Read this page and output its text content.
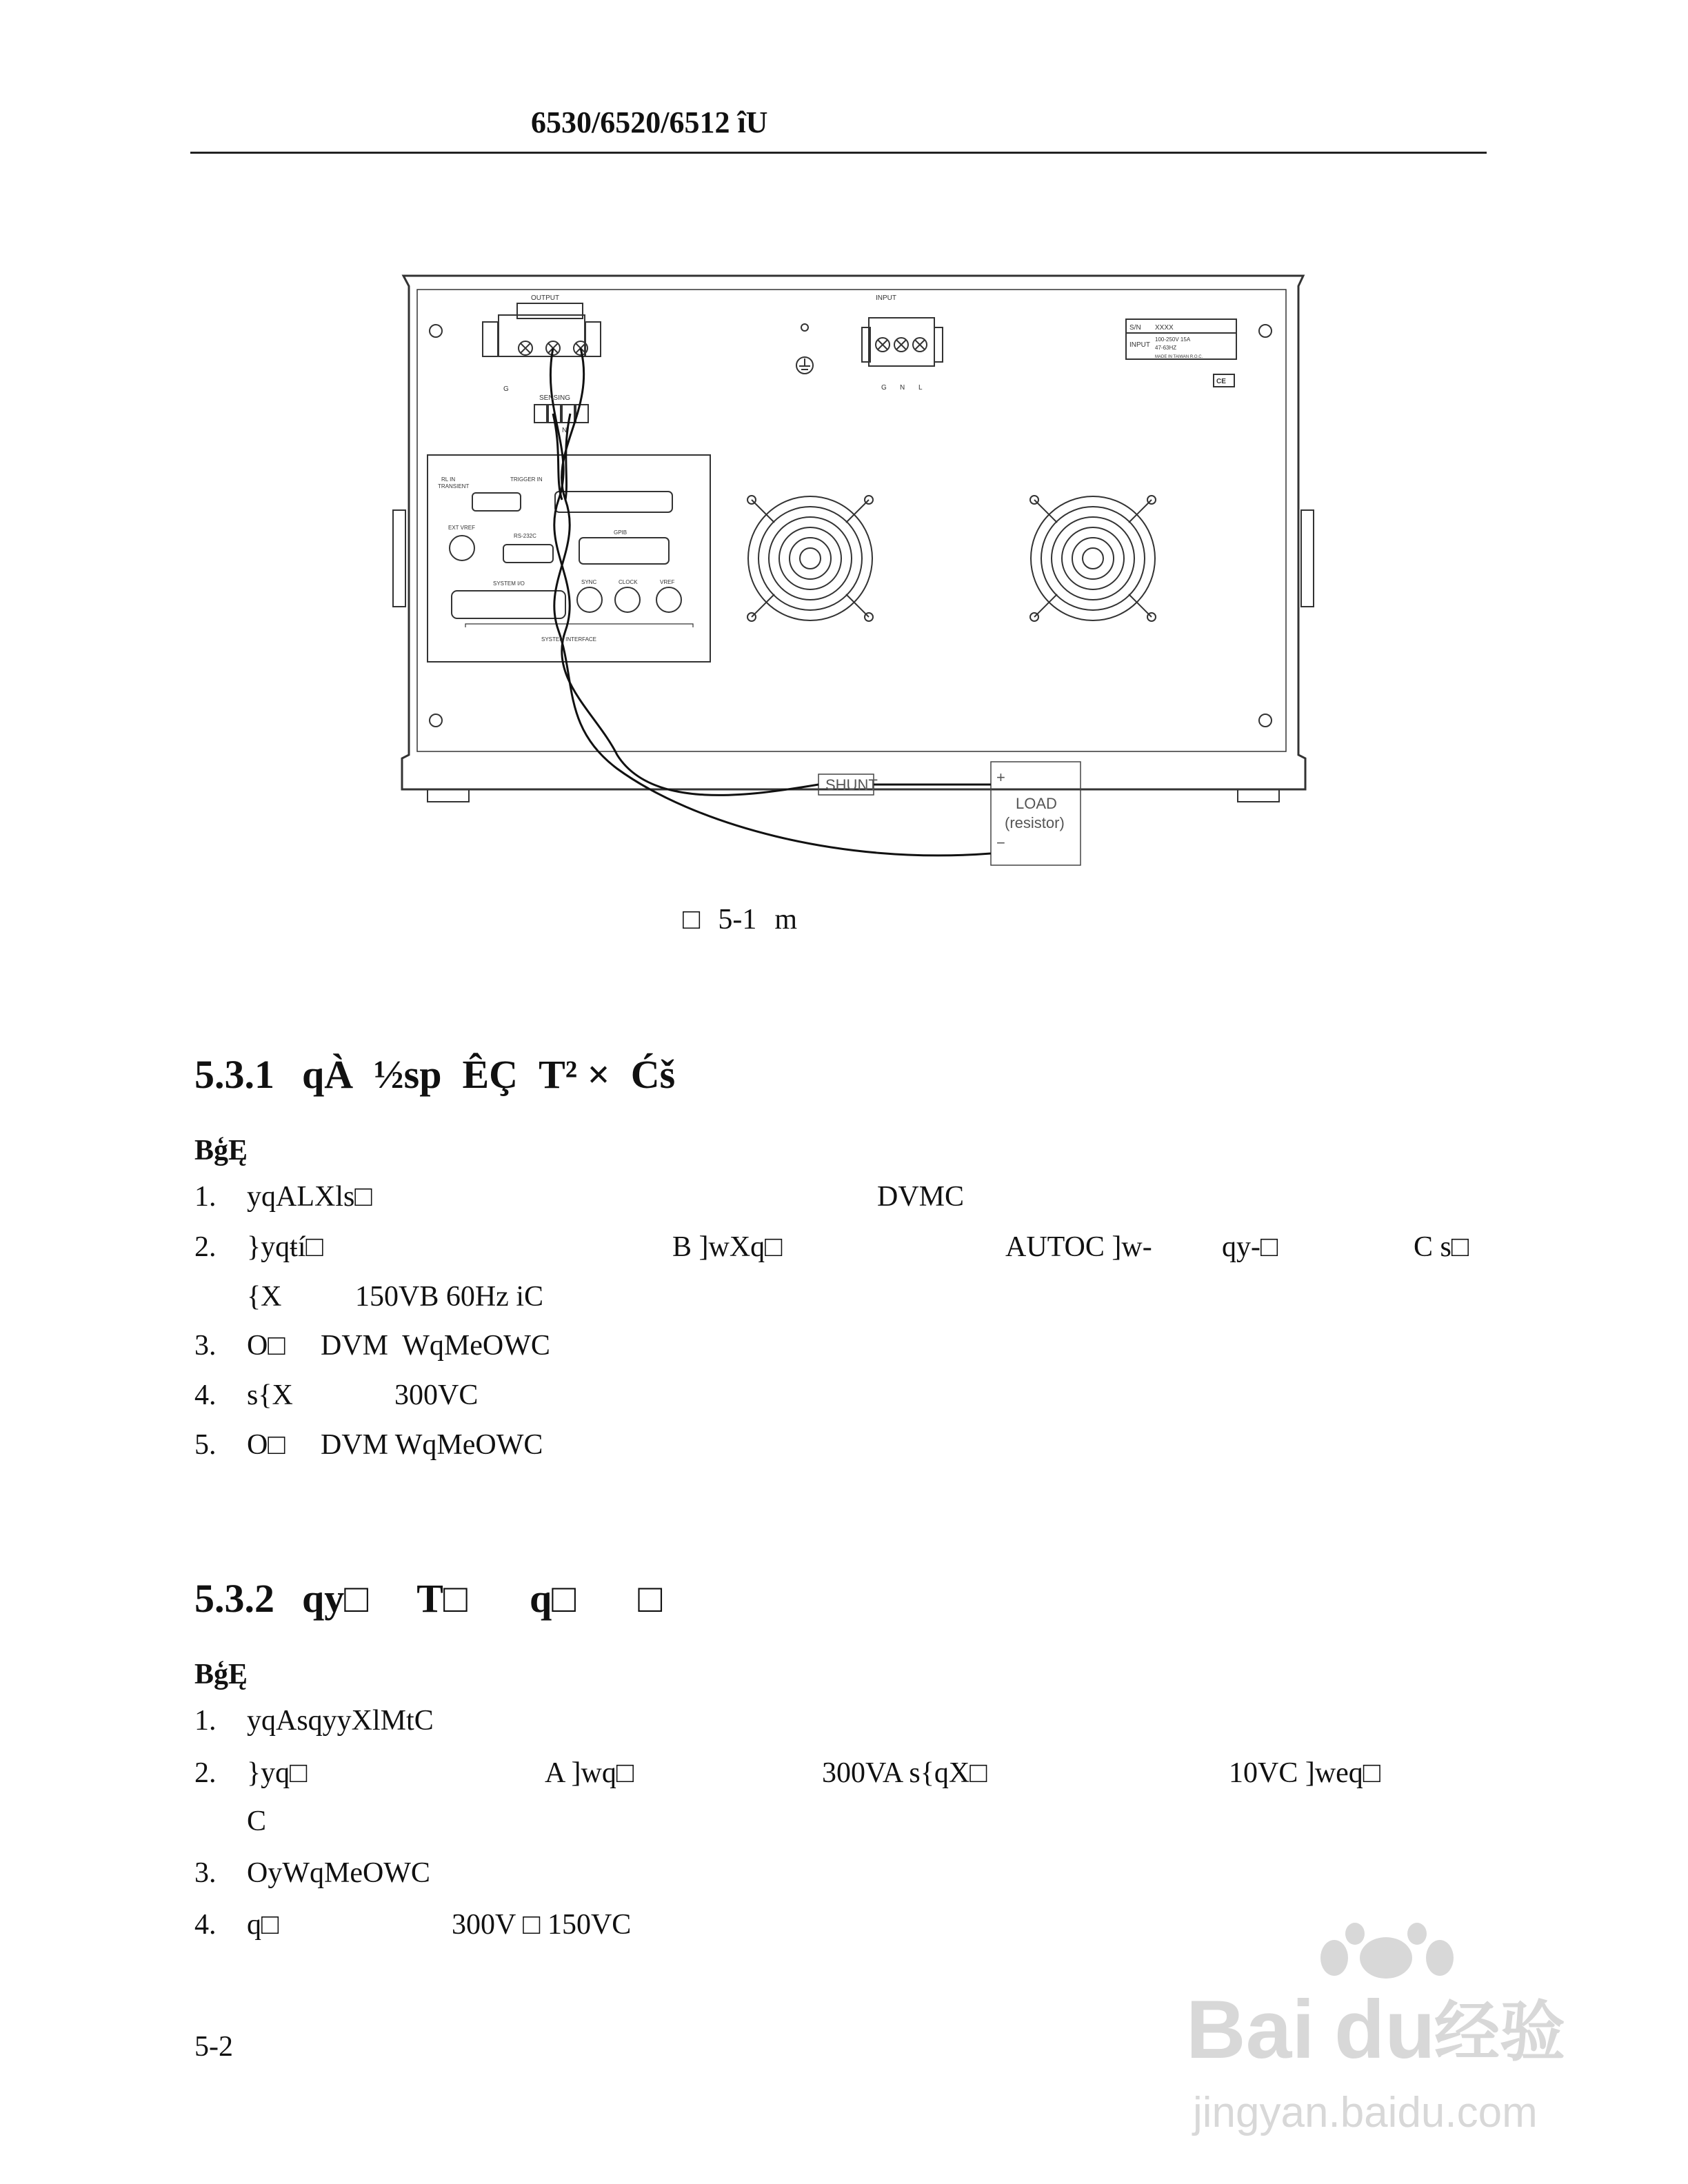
6530/6520/6512 îU
OUTPUT	INPUT
SENSING
G
N
G N L
S/N XXXX
INPUT
100-250V 15A
47-63HZ
MADE IN TAIWAN R.O.C.
CE
RL IN
TRANSIENT
TRIGGER IN
EXT VREF
RS-232C
GPIB
SYSTEM I/O	SYNC	CLOCK	VREF
SYSTEM INTERFACE
SHUNT
LOAD
(resistor)
+
−
□ 5-1 m
5.3.1 qÀ ½sp ÊÇ T² × Ćš
BģĘ
1. yqALXls□	DVMC
2. }yqŧí□	B ]wXq□	AUTOC ]w- qy-□	C s□
{X	150VB 60Hz iC
3. O□ DVM  WqMeOWC
4. s{X	300VC
5. O□ DVM WqMeOWC
5.3.2 qy□ T□ q□ □
BģĘ
1. yqAsqyyXlMtC
2. }yq□	A ]wq□	300VA s{qX□	10VC ]weq□
C
3. OyWqMeOWC
4. q□	300V □ 150VC
5-2	Bai du
经验
jingyan.baidu.com
